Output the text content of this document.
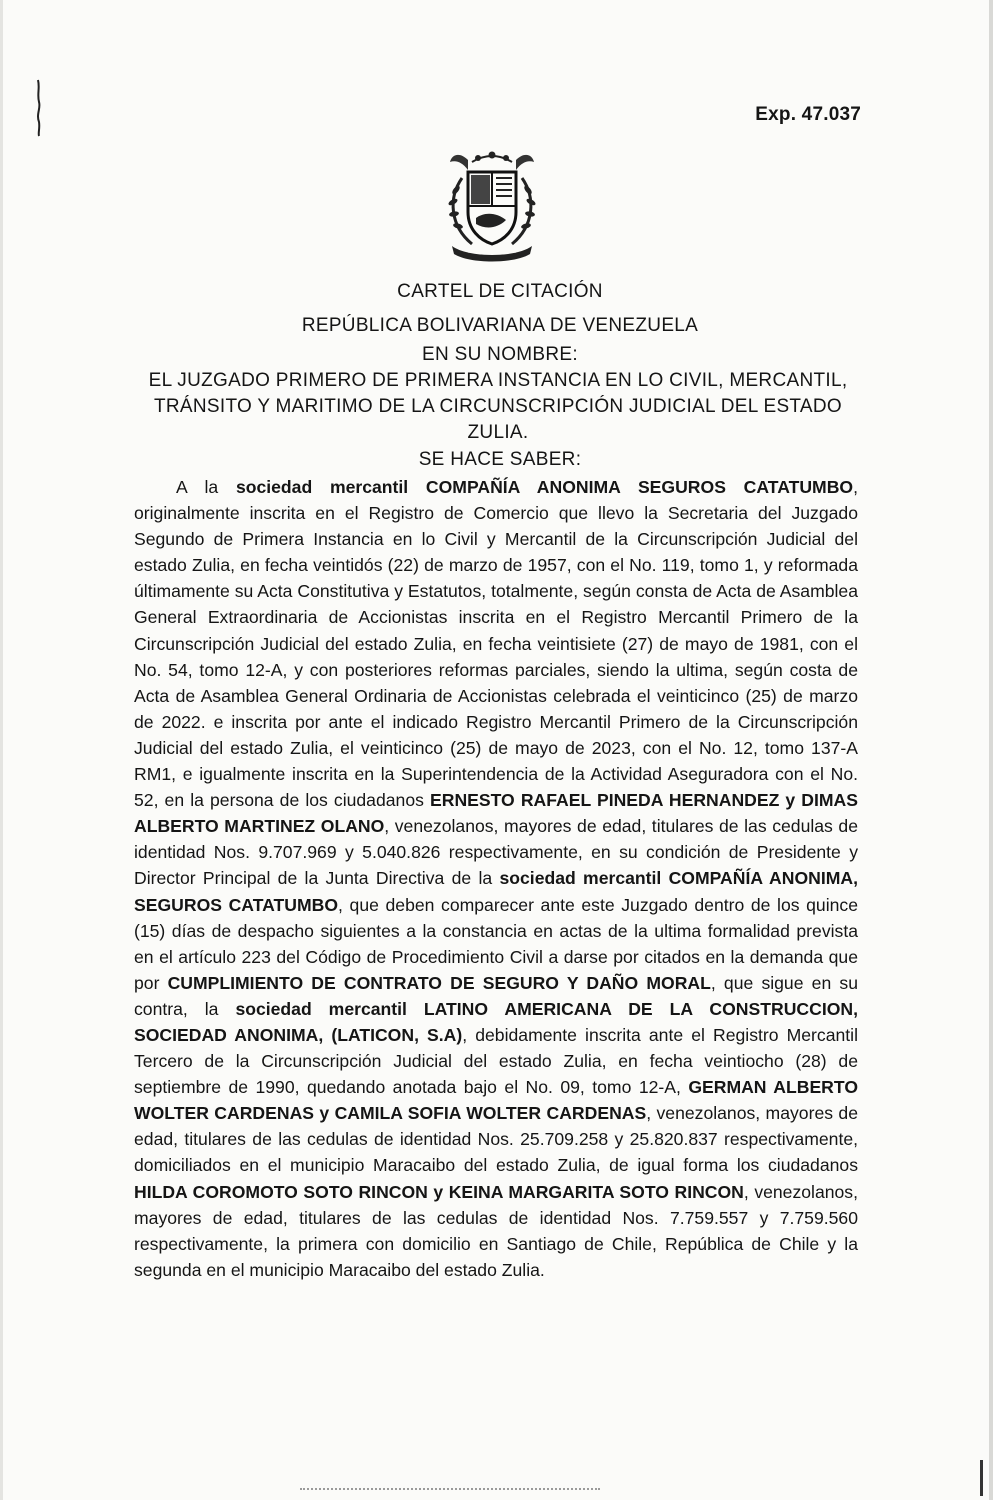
Exp. 47.037
CARTEL DE CITACIÓN
REPÚBLICA BOLIVARIANA DE VENEZUELA
EN SU NOMBRE:
EL JUZGADO PRIMERO DE PRIMERA INSTANCIA EN LO CIVIL, MERCANTIL, TRÁNSITO Y MARITIMO DE LA CIRCUNSCRIPCIÓN JUDICIAL DEL ESTADO ZULIA.
SE HACE SABER:
A la sociedad mercantil COMPAÑÍA ANONIMA SEGUROS CATATUMBO, originalmente inscrita en el Registro de Comercio que llevo la Secretaria del Juzgado Segundo de Primera Instancia en lo Civil y Mercantil de la Circunscripción Judicial del estado Zulia, en fecha veintidós (22) de marzo de 1957, con el No. 119, tomo 1, y reformada últimamente su Acta Constitutiva y Estatutos, totalmente, según consta de Acta de Asamblea General Extraordinaria de Accionistas inscrita en el Registro Mercantil Primero de la Circunscripción Judicial del estado Zulia, en fecha veintisiete (27) de mayo de 1981, con el No. 54, tomo 12-A, y con posteriores reformas parciales, siendo la ultima, según costa de Acta de Asamblea General Ordinaria de Accionistas celebrada el veinticinco (25) de marzo de 2022. e inscrita por ante el indicado Registro Mercantil Primero de la Circunscripción Judicial del estado Zulia, el veinticinco (25) de mayo de 2023, con el No. 12, tomo 137-A RM1, e igualmente inscrita en la Superintendencia de la Actividad Aseguradora con el No. 52, en la persona de los ciudadanos ERNESTO RAFAEL PINEDA HERNANDEZ y DIMAS ALBERTO MARTINEZ OLANO, venezolanos, mayores de edad, titulares de las cedulas de identidad Nos. 9.707.969 y 5.040.826 respectivamente, en su condición de Presidente y Director Principal de la Junta Directiva de la sociedad mercantil COMPAÑÍA ANONIMA, SEGUROS CATATUMBO, que deben comparecer ante este Juzgado dentro de los quince (15) días de despacho siguientes a la constancia en actas de la ultima formalidad prevista en el artículo 223 del Código de Procedimiento Civil a darse por citados en la demanda que por CUMPLIMIENTO DE CONTRATO DE SEGURO Y DAÑO MORAL, que sigue en su contra, la sociedad mercantil LATINO AMERICANA DE LA CONSTRUCCION, SOCIEDAD ANONIMA, (LATICON, S.A), debidamente inscrita ante el Registro Mercantil Tercero de la Circunscripción Judicial del estado Zulia, en fecha veintiocho (28) de septiembre de 1990, quedando anotada bajo el No. 09, tomo 12-A, GERMAN ALBERTO WOLTER CARDENAS y CAMILA SOFIA WOLTER CARDENAS, venezolanos, mayores de edad, titulares de las cedulas de identidad Nos. 25.709.258 y 25.820.837 respectivamente, domiciliados en el municipio Maracaibo del estado Zulia, de igual forma los ciudadanos HILDA COROMOTO SOTO RINCON y KEINA MARGARITA SOTO RINCON, venezolanos, mayores de edad, titulares de las cedulas de identidad Nos. 7.759.557 y 7.759.560 respectivamente, la primera con domicilio en Santiago de Chile, República de Chile y la segunda en el municipio Maracaibo del estado Zulia.
